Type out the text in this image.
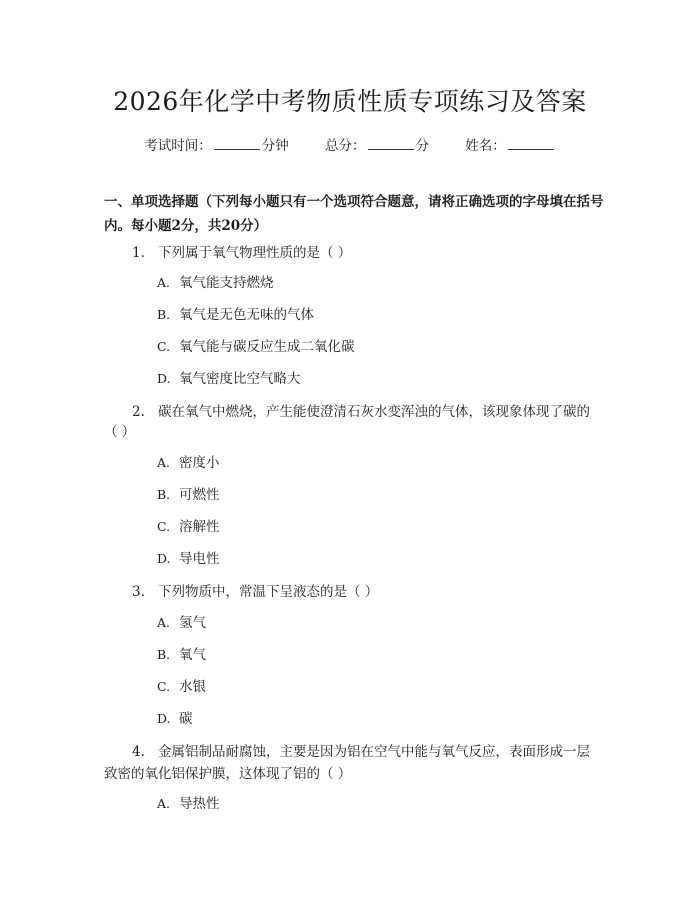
2026年化学中考物质性质专项练习及答案
考试时间：	分钟	总分：	分	姓名：

一、单项选择题（下列每小题只有一个选项符合题意，请将正确选项的字母填在括号内。每小题2分，共20分）

1. 下列属于氧气物理性质的是（ ）
A. 氧气能支持燃烧
B. 氧气是无色无味的气体
C. 氧气能与碳反应生成二氧化碳
D. 氧气密度比空气略大
2. 碳在氧气中燃烧，产生能使澄清石灰水变浑浊的气体，该现象体现了碳的
（ ）
A. 密度小
B. 可燃性
C. 溶解性
D. 导电性
3. 下列物质中，常温下呈液态的是（ ）
A. 氢气
B. 氧气
C. 水银
D. 碳
4. 金属铝制品耐腐蚀，主要是因为铝在空气中能与氧气反应，表面形成一层
致密的氧化铝保护膜，这体现了铝的（ ）
A. 导热性
